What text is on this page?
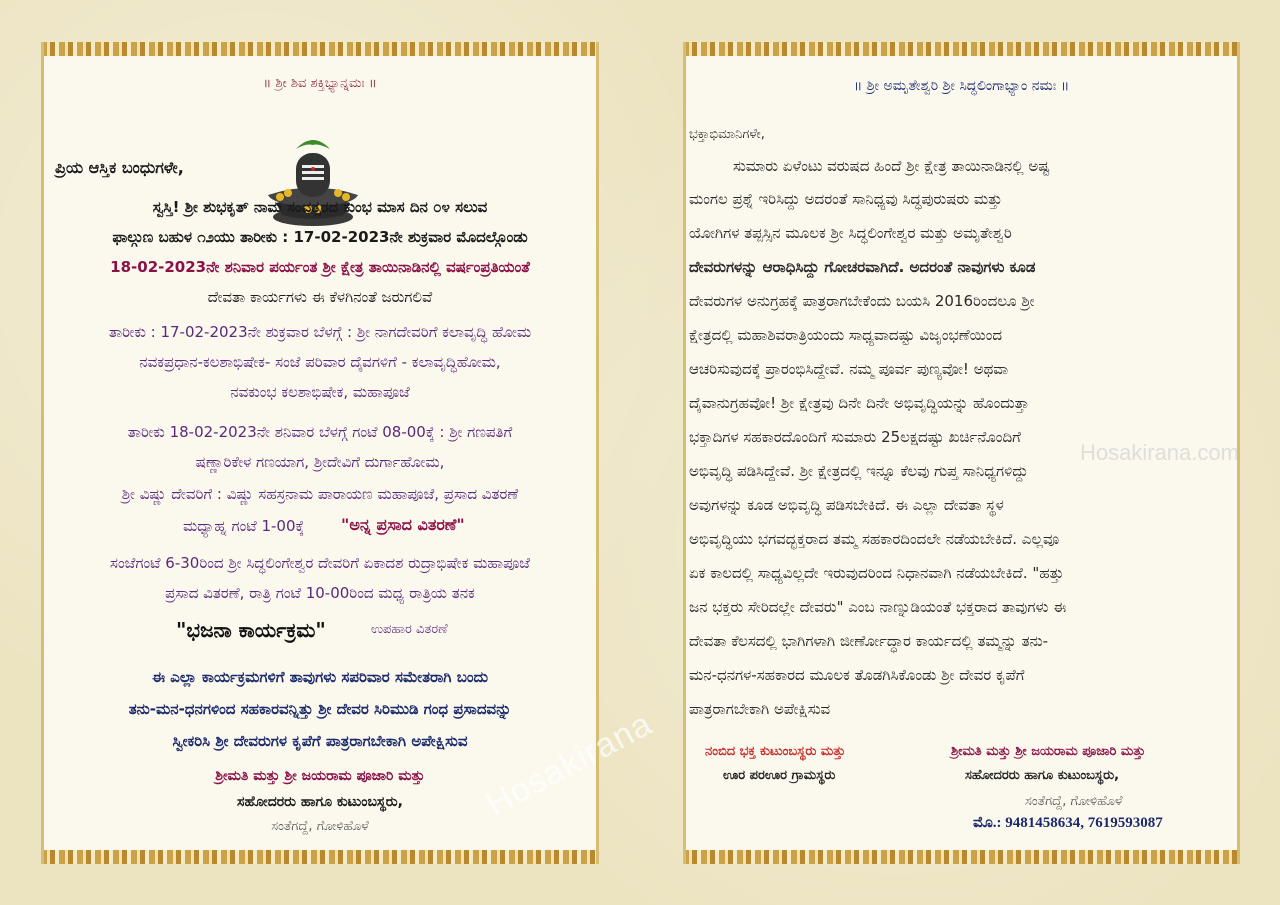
॥ ಶ್ರೀ ಶಿವ ಶಕ್ತಿಭ್ಯಾನ್ನಮಃ ॥
ಪ್ರಿಯ ಆಸ್ತಿಕ ಬಂಧುಗಳೇ,
ಸ್ವಸ್ತಿ! ಶ್ರೀ ಶುಭಕೃತ್ ನಾಮ ಸಂವತ್ಸರದ ಕುಂಭ ಮಾಸ ದಿನ ೦೪ ಸಲುವ
ಫಾಲ್ಗುಣ ಬಹುಳ ೧೨ಯು ತಾರೀಕು : 17-02-2023ನೇ ಶುಕ್ರವಾರ ಮೊದಲ್ಗೊಂಡು
18-02-2023ನೇ ಶನಿವಾರ ಪರ್ಯಂತ ಶ್ರೀ ಕ್ಷೇತ್ರ ತಾಯಿನಾಡಿನಲ್ಲಿ ವರ್ಷಂಪ್ರತಿಯಂತೆ
ದೇವತಾ ಕಾರ್ಯಗಳು ಈ ಕೆಳಗಿನಂತೆ ಜರುಗಲಿವೆ
ತಾರೀಕು : 17-02-2023ನೇ ಶುಕ್ರವಾರ ಬೆಳಗ್ಗೆ : ಶ್ರೀ ನಾಗದೇವರಿಗೆ ಕಲಾವೃದ್ಧಿ ಹೋಮ
ನವಕಪ್ರಧಾನ-ಕಲಶಾಭಿಷೇಕ- ಸಂಜೆ ಪರಿವಾರ ದೈವಗಳಿಗೆ - ಕಲಾವೃದ್ಧಿಹೋಮ,
ನವಕುಂಭ ಕಲಶಾಭಿಷೇಕ, ಮಹಾಪೂಜೆ
ತಾರೀಕು 18-02-2023ನೇ ಶನಿವಾರ ಬೆಳಗ್ಗೆ ಗಂಟೆ 08-00ಕ್ಕೆ : ಶ್ರೀ ಗಣಪತಿಗೆ
ಷಣ್ಣಾರಿಕೇಳ ಗಣಯಾಗ, ಶ್ರೀದೇವಿಗೆ ದುರ್ಗಾಹೋಮ,
ಶ್ರೀ ವಿಷ್ಣು ದೇವರಿಗೆ : ವಿಷ್ಣು ಸಹಸ್ರನಾಮ ಪಾರಾಯಣ ಮಹಾಪೂಜೆ, ಪ್ರಸಾದ ವಿತರಣೆ
ಮಧ್ಯಾಹ್ನ ಗಂಟೆ 1-00ಕ್ಕೆ "ಅನ್ನ ಪ್ರಸಾದ ವಿತರಣೆ"
ಸಂಜೆಗಂಟೆ 6-30ರಿಂದ ಶ್ರೀ ಸಿದ್ಧಲಿಂಗೇಶ್ವರ ದೇವರಿಗೆ ಏಕಾದಶ ರುದ್ರಾಭಿಷೇಕ ಮಹಾಪೂಜೆ
ಪ್ರಸಾದ ವಿತರಣೆ, ರಾತ್ರಿ ಗಂಟೆ 10-00ರಿಂದ ಮಧ್ಯ ರಾತ್ರಿಯ ತನಕ
"ಭಜನಾ ಕಾರ್ಯಕ್ರಮ"	ಉಪಹಾರ ವಿತರಣೆ
ಈ ಎಲ್ಲಾ ಕಾರ್ಯಕ್ರಮಗಳಿಗೆ ತಾವುಗಳು ಸಪರಿವಾರ ಸಮೇತರಾಗಿ ಬಂದು
ತನು-ಮನ-ಧನಗಳಿಂದ ಸಹಕಾರವನ್ನಿತ್ತು ಶ್ರೀ ದೇವರ ಸಿರಿಮುಡಿ ಗಂಧ ಪ್ರಸಾದವನ್ನು
ಸ್ವೀಕರಿಸಿ ಶ್ರೀ ದೇವರುಗಳ ಕೃಪೆಗೆ ಪಾತ್ರರಾಗಬೇಕಾಗಿ ಅಪೇಕ್ಷಿಸುವ
ಶ್ರೀಮತಿ ಮತ್ತು ಶ್ರೀ ಜಯರಾಮ ಪೂಜಾರಿ ಮತ್ತು
ಸಹೋದರರು ಹಾಗೂ ಕುಟುಂಬಸ್ಥರು,
ಸಂತೆಗದ್ದೆ, ಗೋಳಿಹೊಳೆ
॥ ಶ್ರೀ ಅಮೃತೇಶ್ವರಿ ಶ್ರೀ ಸಿದ್ಧಲಿಂಗಾಭ್ಯಾಂ ನಮಃ ॥
ಭಕ್ತಾಭಿಮಾನಿಗಳೇ,
ಸುಮಾರು ಏಳೆಂಟು ವರುಷದ ಹಿಂದೆ ಶ್ರೀ ಕ್ಷೇತ್ರ ತಾಯಿನಾಡಿನಲ್ಲಿ ಅಷ್ಟ
ಮಂಗಲ ಪ್ರಶ್ನೆ ಇರಿಸಿದ್ದು ಅದರಂತೆ ಸಾನಿಧ್ಯವು ಸಿದ್ಧಪುರುಷರು ಮತ್ತು
ಯೋಗಿಗಳ ತಪ್ಪಸ್ಸಿನ ಮೂಲಕ ಶ್ರೀ ಸಿದ್ಧಲಿಂಗೇಶ್ವರ ಮತ್ತು ಅಮೃತೇಶ್ವರಿ
ದೇವರುಗಳನ್ನು ಆರಾಧಿಸಿದ್ದು ಗೋಚರವಾಗಿದೆ. ಅದರಂತೆ ನಾವುಗಳು ಕೂಡ
ದೇವರುಗಳ ಅನುಗ್ರಹಕ್ಕೆ ಪಾತ್ರರಾಗಬೇಕೆಂದು ಬಯಸಿ 2016ರಿಂದಲೂ ಶ್ರೀ
ಕ್ಷೇತ್ರದಲ್ಲಿ ಮಹಾಶಿವರಾತ್ರಿಯಂದು ಸಾಧ್ಯವಾದಷ್ಟು ವಿಜೃಂಭಣೆಯಿಂದ
ಆಚರಿಸುವುದಕ್ಕೆ ಪ್ರಾರಂಭಿಸಿದ್ದೇವೆ. ನಮ್ಮ ಪೂರ್ವ ಪುಣ್ಯವೋ! ಅಥವಾ
ದೈವಾನುಗ್ರಹವೋ! ಶ್ರೀ ಕ್ಷೇತ್ರವು ದಿನೇ ದಿನೇ ಅಭಿವೃದ್ಧಿಯನ್ನು ಹೊಂದುತ್ತಾ
ಭಕ್ತಾದಿಗಳ ಸಹಕಾರದೊಂದಿಗೆ ಸುಮಾರು 25ಲಕ್ಷದಷ್ಟು ಖರ್ಚಿನೊಂದಿಗೆ
ಅಭಿವೃದ್ಧಿ ಪಡಿಸಿದ್ದೇವೆ. ಶ್ರೀ ಕ್ಷೇತ್ರದಲ್ಲಿ ಇನ್ನೂ ಕೆಲವು ಗುಪ್ತ ಸಾನಿಧ್ಯಗಳಿದ್ದು
ಅವುಗಳನ್ನು ಕೂಡ ಅಭಿವೃದ್ಧಿ ಪಡಿಸಬೇಕಿದೆ. ಈ ಎಲ್ಲಾ ದೇವತಾ ಸ್ಥಳ
ಅಭಿವೃದ್ಧಿಯು ಭಗವದ್ಭಕ್ತರಾದ ತಮ್ಮ ಸಹಕಾರದಿಂದಲೇ ನಡೆಯಬೇಕಿದೆ. ಎಲ್ಲವೂ
ಏಕ ಕಾಲದಲ್ಲಿ ಸಾಧ್ಯವಿಲ್ಲದೇ ಇರುವುದರಿಂದ ನಿಧಾನವಾಗಿ ನಡೆಯಬೇಕಿದೆ. "ಹತ್ತು
ಜನ ಭಕ್ತರು ಸೇರಿದಲ್ಲೇ ದೇವರು" ಎಂಬ ನಾಣ್ನುಡಿಯಂತೆ ಭಕ್ತರಾದ ತಾವುಗಳು ಈ
ದೇವತಾ ಕೆಲಸದಲ್ಲಿ ಭಾಗಿಗಳಾಗಿ ಜೀರ್ಣೋದ್ಧಾರ ಕಾರ್ಯದಲ್ಲಿ ತಮ್ಮನ್ನು ತನು-
ಮನ-ಧನಗಳ-ಸಹಕಾರದ ಮೂಲಕ ತೊಡಗಿಸಿಕೊಂಡು ಶ್ರೀ ದೇವರ ಕೃಪೆಗೆ
ಪಾತ್ರರಾಗಬೇಕಾಗಿ ಅಪೇಕ್ಷಿಸುವ
ನಂಬಿದ ಭಕ್ತ ಕುಟುಂಬಸ್ಥರು ಮತ್ತು
ಊರ ಪರಊರ ಗ್ರಾಮಸ್ಥರು
ಶ್ರೀಮತಿ ಮತ್ತು ಶ್ರೀ ಜಯರಾಮ ಪೂಜಾರಿ ಮತ್ತು
ಸಹೋದರರು ಹಾಗೂ ಕುಟುಂಬಸ್ಥರು,
ಸಂತೆಗದ್ದೆ, ಗೋಳಿಹೊಳೆ
ಮೊ.: 9481458634, 7619593087
Hosakirana
Hosakirana.com
